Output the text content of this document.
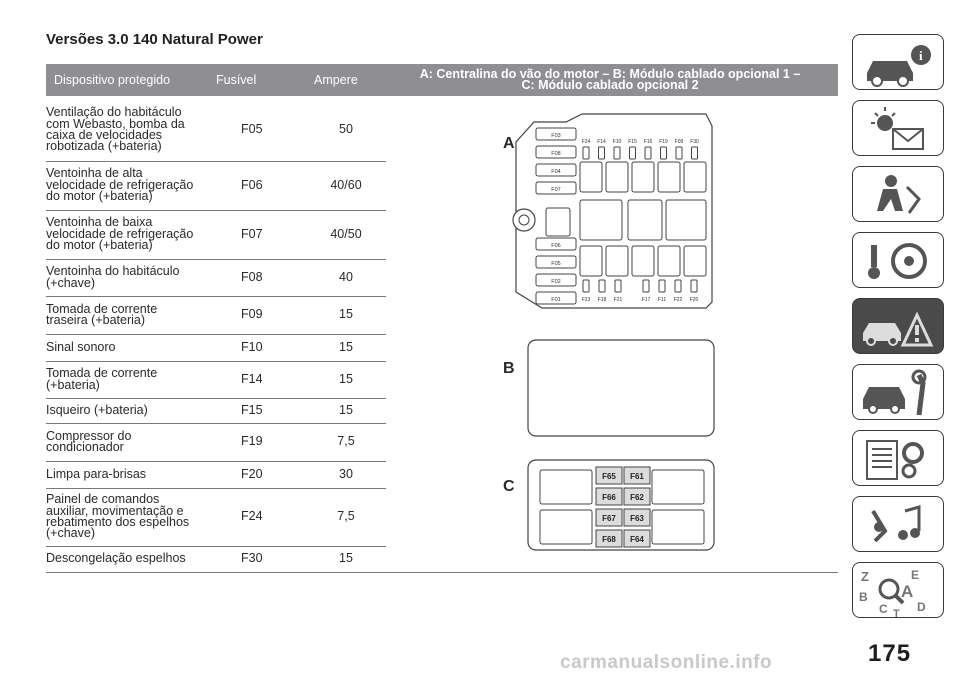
Versões 3.0 140 Natural Power
Dispositivo protegido	Fusível	Ampere	A: Centralina do vão do motor – B: Módulo cablado opcional 1 –
C: Módulo cablado opcional 2
Ventilação do habitáculo
com Webasto, bomba da
caixa de velocidades
robotizada (+bateria)
F05	50
Ventoinha de alta
velocidade de refrigeração
do motor (+bateria)
F06	40/60
Ventoinha de baixa
velocidade de refrigeração
do motor (+bateria)
F07	40/50
Ventoinha do habitáculo
(+chave)	F08	40
Tomada de corrente
traseira (+bateria)	F09	15
Sinal sonoro	F10	15
Tomada de corrente
(+bateria)	F14	15
Isqueiro (+bateria)	F15	15
Compressor do
condicionador	F19	7,5
Limpa para-brisas	F20	30
Painel de comandos
auxiliar, movimentação e
rebatimento dos espelhos
(+chave)
F24	7,5
Descongelação espelhos	F30	15
A	F03
F08
F04
F07
F06
F05
F02
F01
F24 F14 F10 F15 F16 F19 F09 F30
F23 F18 F21	F17 F11 F22 F20
B
C
F65 F61
F66 F62
F67 F63
F68 F64
i
Z	E
B A
C D
T
175
carmanualsonline.info
